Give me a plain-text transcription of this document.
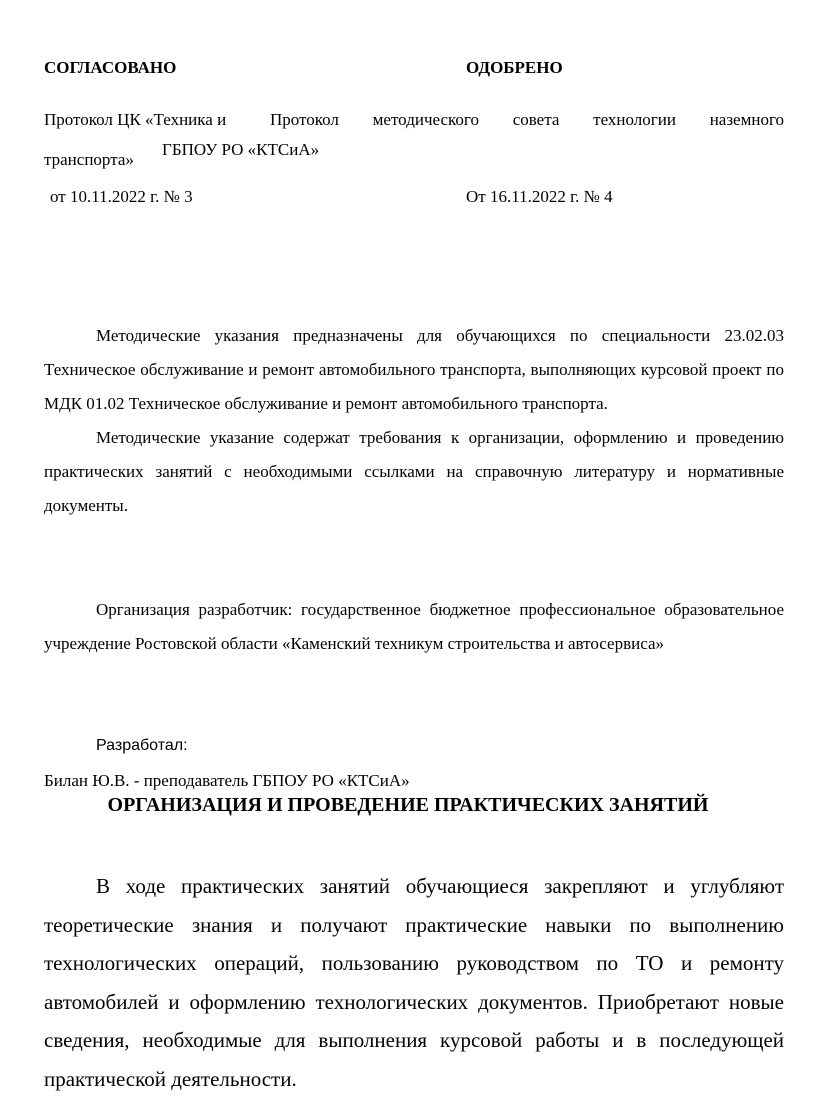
СОГЛАСОВАНО	ОДОБРЕНО
Протокол ЦК «Техника и
транспорта»
Протокол методического совета технологии наземного
ГБПОУ РО «КТСиА»
от 10.11.2022 г. № 3	От 16.11.2022 г. № 4
Методические указания предназначены для обучающихся по специальности 23.02.03 Техническое обслуживание и ремонт автомобильного транспорта, выполняющих курсовой проект по МДК 01.02 Техническое обслуживание и ремонт автомобильного транспорта.
Методические указание содержат требования к организации, оформлению и проведению практических занятий с необходимыми ссылками на справочную литературу и нормативные документы.
Организация разработчик: государственное бюджетное профессиональное образовательное учреждение Ростовской области «Каменский техникум строительства и автосервиса»
Разработал:
Билан Ю.В. - преподаватель ГБПОУ РО «КТСиА»
ОРГАНИЗАЦИЯ И ПРОВЕДЕНИЕ ПРАКТИЧЕСКИХ ЗАНЯТИЙ
В ходе практических занятий обучающиеся закрепляют и углубляют теоретические знания и получают практические навыки по выполнению технологических операций, пользованию руководством по ТО и ремонту автомобилей и оформлению технологических документов. Приобретают новые сведения, необходимые для выполнения курсовой работы и в последующей практической деятельности.
